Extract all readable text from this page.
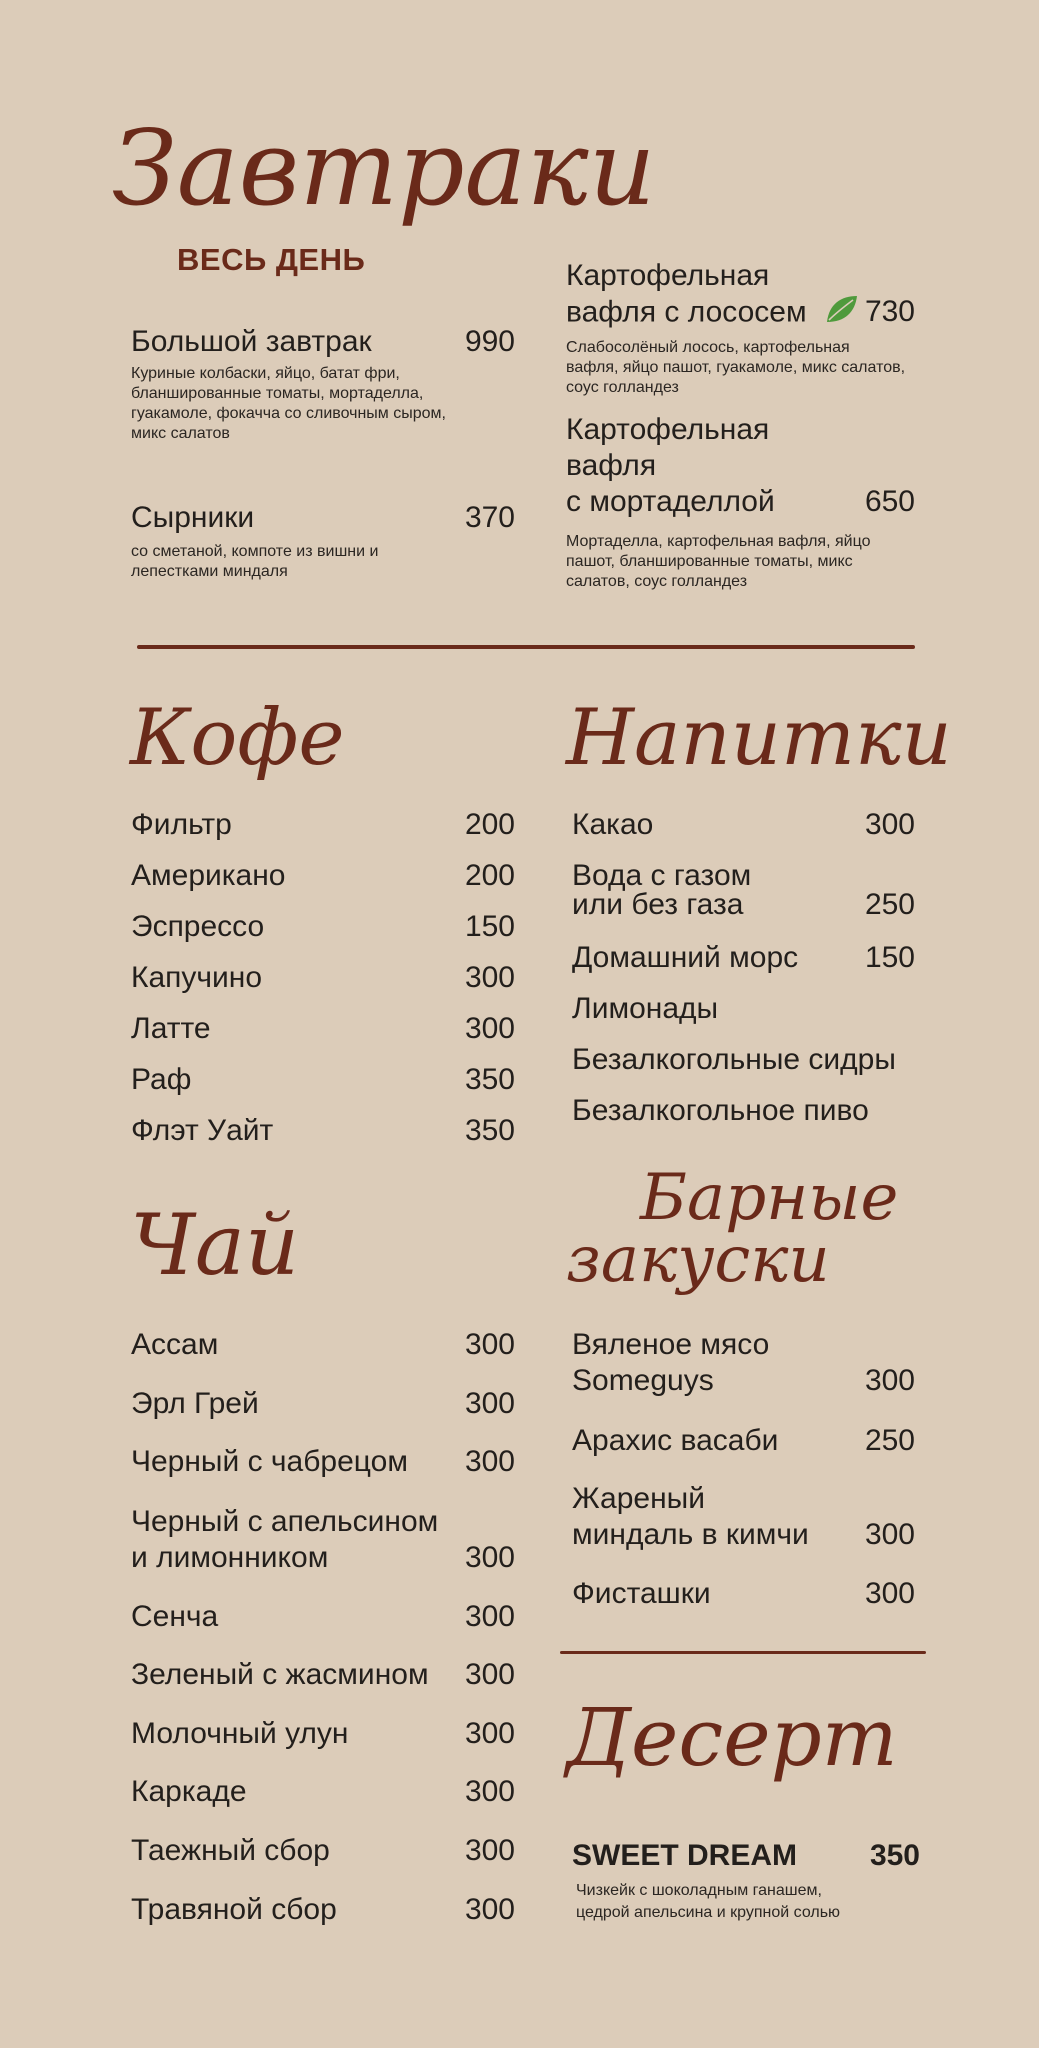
Завтраки
ВЕСЬ ДЕНЬ
Большой завтрак	990
Куриные колбаски, яйцо, батат фри, бланшированные томаты, мортаделла, гуакамоле, фокачча со сливочным сыром, микс салатов
Сырники	370
со сметаной, компоте из вишни и лепестками миндаля
Картофельная
вафля с лососем	730
Слабосолёный лосось, картофельная вафля, яйцо пашот, гуакамоле, микс салатов, соус голландез
Картофельная
вафля
с мортаделлой	650
Мортаделла, картофельная вафля, яйцо пашот, бланшированные томаты, микс салатов, соус голландез
Кофе
Фильтр	200
Американо	200
Эспрессо	150
Капучино	300
Латте	300
Раф	350
Флэт Уайт	350
Напитки
Какао	300
Вода с газом
или без газа	250
Домашний морс	150
Лимонады
Безалкогольные сидры
Безалкогольное пиво
Чай
Ассам	300
Эрл Грей	300
Черный с чабрецом	300
Черный с апельсином
и лимонником	300
Сенча	300
Зеленый с жасмином	300
Молочный улун	300
Каркаде	300
Таежный сбор	300
Травяной сбор	300
Барные
закуски
Вяленое мясо
Someguys	300
Арахис васаби	250
Жареный
миндаль в кимчи	300
Фисташки	300
Десерт
SWEET DREAM	350
Чизкейк с шоколадным ганашем,
цедрой апельсина и крупной солью
